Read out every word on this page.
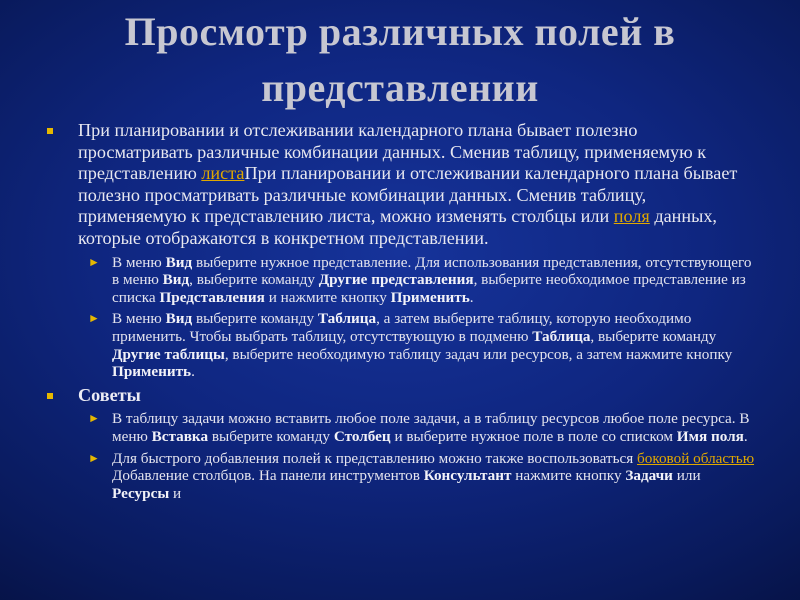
Просмотр различных полей в представлении
При планировании и отслеживании календарного плана бывает полезно просматривать различные комбинации данных. Сменив таблицу, применяемую к представлению листаПри планировании и отслеживании календарного плана бывает полезно просматривать различные комбинации данных. Сменив таблицу, применяемую к представлению листа, можно изменять столбцы или поля данных, которые отображаются в конкретном представлении.
► В меню Вид выберите нужное представление. Для использования представления, отсутствующего в меню Вид, выберите команду Другие представления, выберите необходимое представление из списка Представления и нажмите кнопку Применить.
► В меню Вид выберите команду Таблица, а затем выберите таблицу, которую необходимо применить. Чтобы выбрать таблицу, отсутствующую в подменю Таблица, выберите команду Другие таблицы, выберите необходимую таблицу задач или ресурсов, а затем нажмите кнопку Применить.
Советы
► В таблицу задачи можно вставить любое поле задачи, а в таблицу ресурсов любое поле ресурса. В меню Вставка выберите команду Столбец и выберите нужное поле в поле со списком Имя поля.
► Для быстрого добавления полей к представлению можно также воспользоваться боковой областью Добавление столбцов. На панели инструментов Консультант нажмите кнопку Задачи или Ресурсы и
